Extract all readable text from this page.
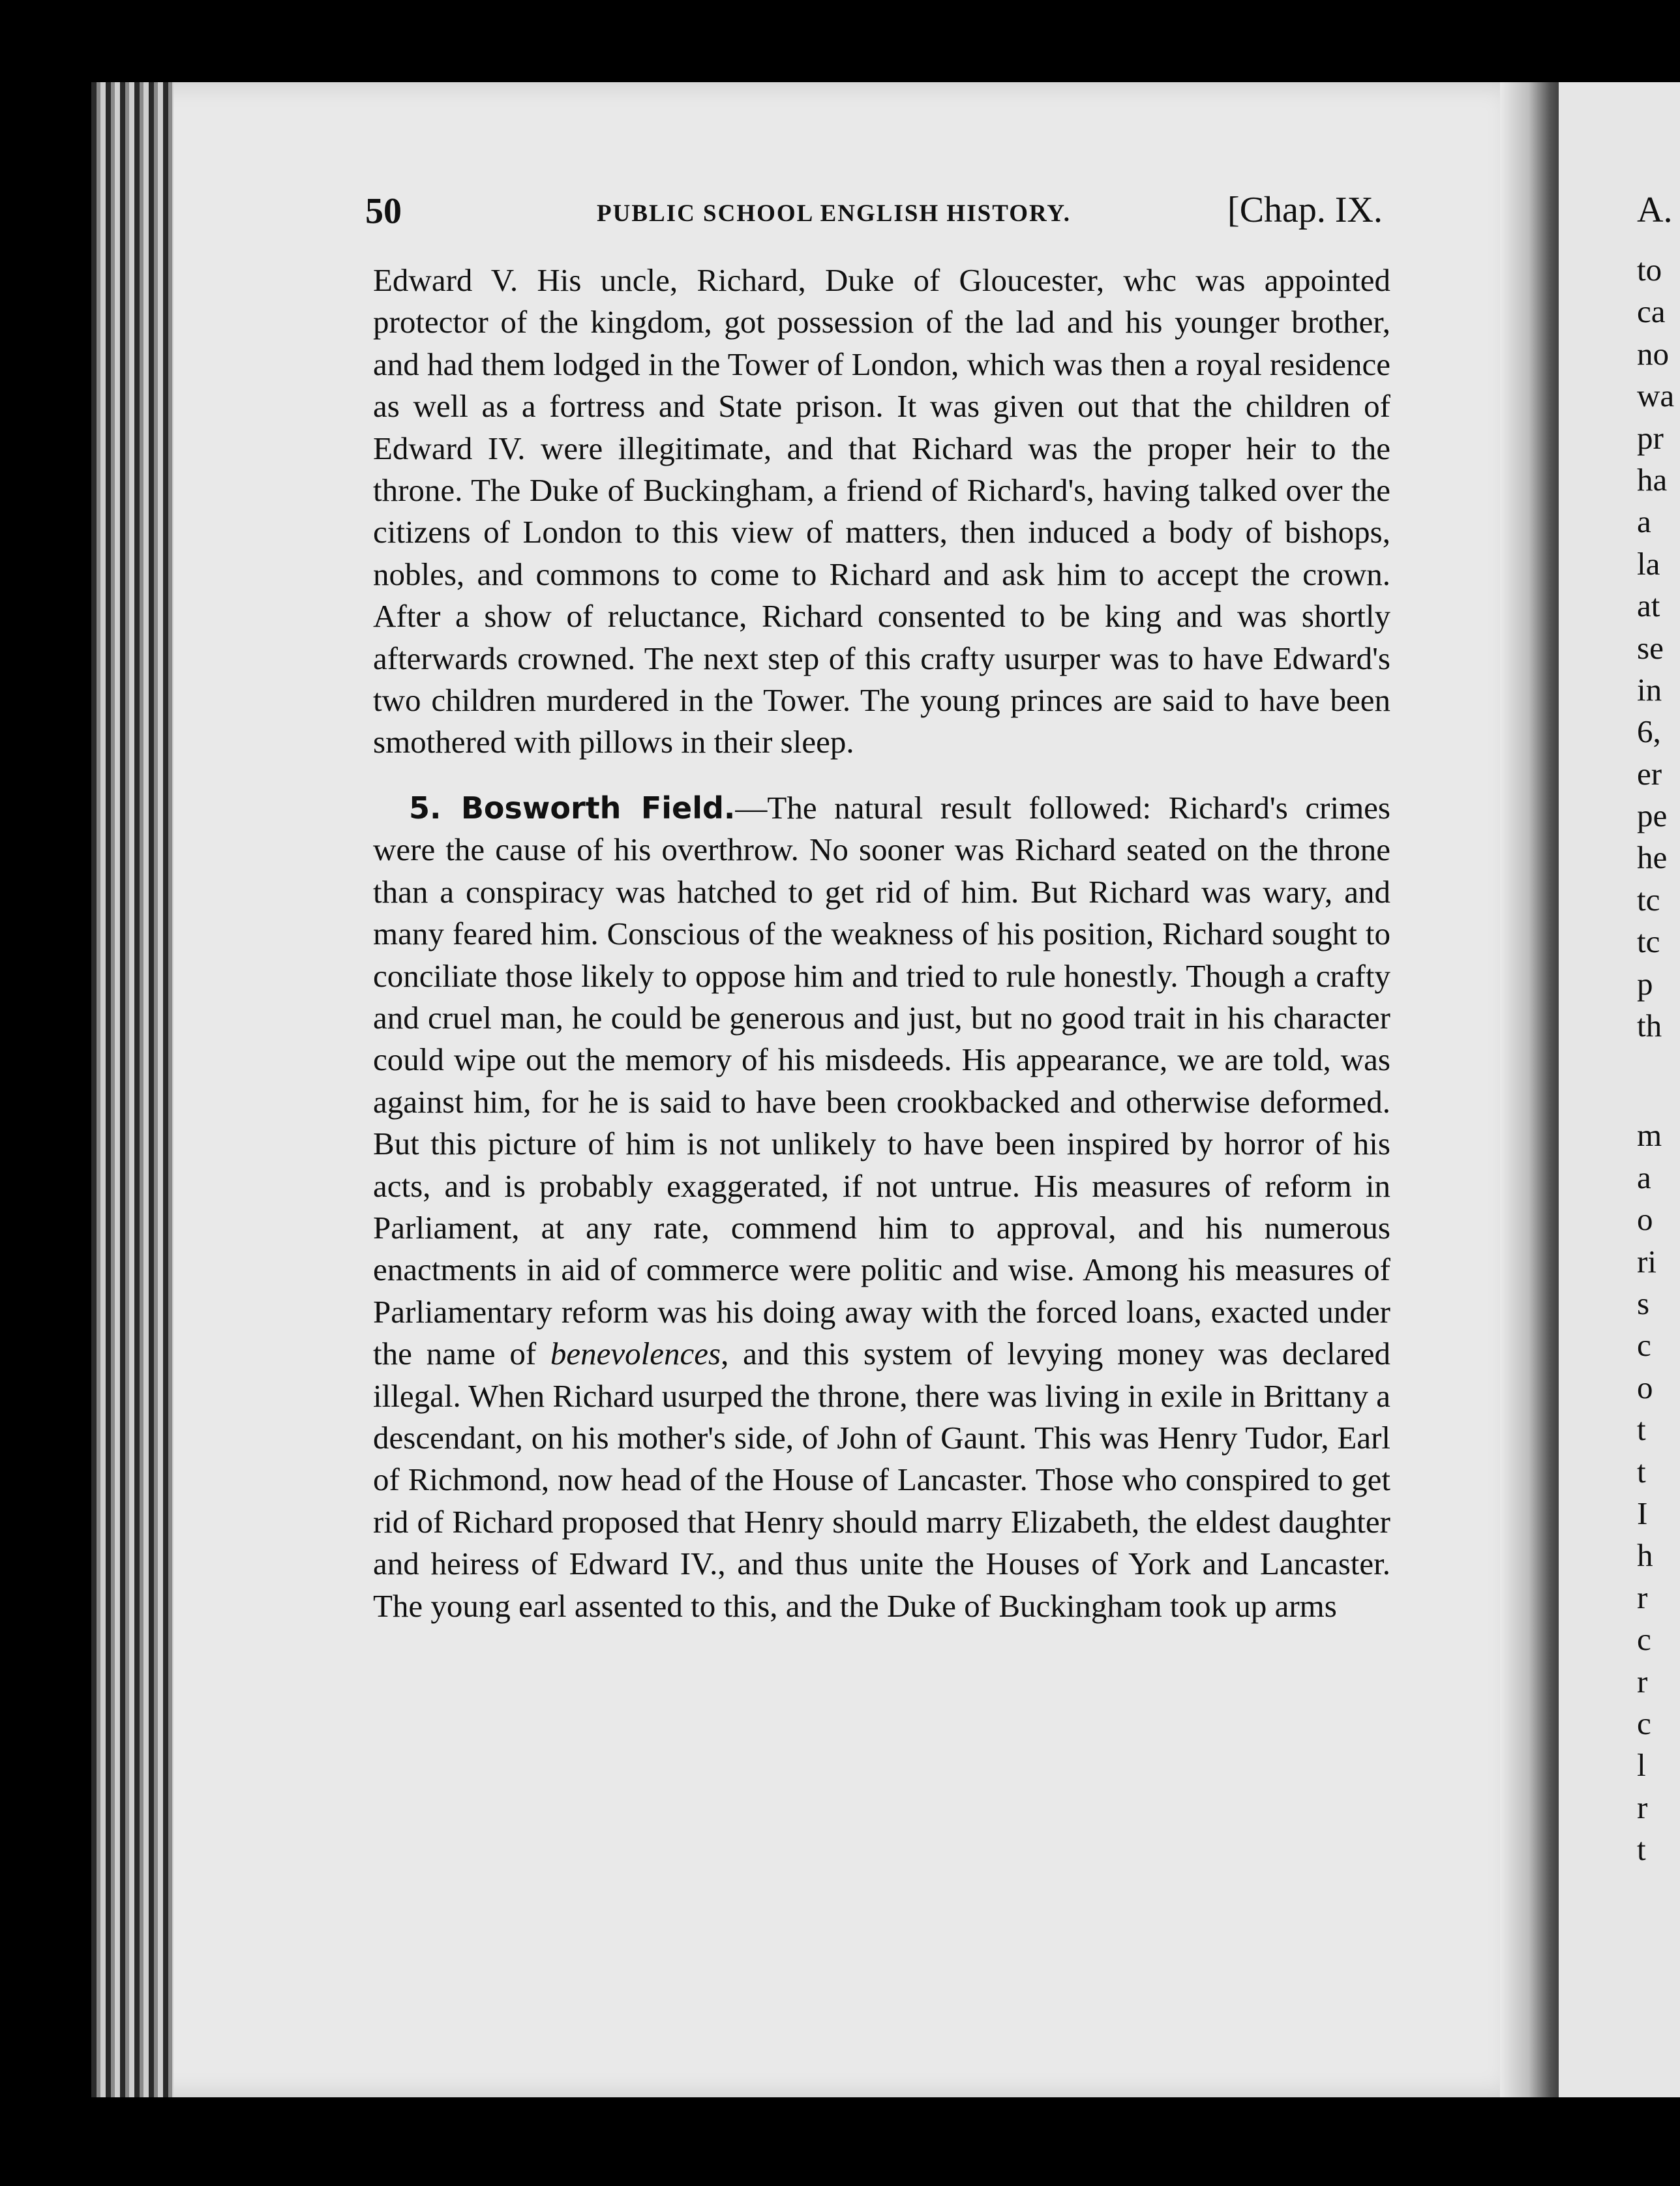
50	PUBLIC SCHOOL ENGLISH HISTORY.	[Chap. IX.

Edward V. His uncle, Richard, Duke of Gloucester, whc was appointed protector of the kingdom, got possession of the lad and his younger brother, and had them lodged in the Tower of London, which was then a royal residence as well as a fortress and State prison. It was given out that the children of Edward IV. were illegitimate, and that Richard was the proper heir to the throne. The Duke of Buckingham, a friend of Richard's, having talked over the citizens of London to this view of matters, then induced a body of bishops, nobles, and commons to come to Richard and ask him to accept the crown. After a show of reluctance, Richard consented to be king and was shortly afterwards crowned. The next step of this crafty usurper was to have Edward's two children murdered in the Tower. The young princes are said to have been smothered with pillows in their sleep.

5. Bosworth Field.—The natural result followed: Richard's crimes were the cause of his overthrow. No sooner was Richard seated on the throne than a conspiracy was hatched to get rid of him. But Richard was wary, and many feared him. Conscious of the weakness of his position, Richard sought to conciliate those likely to oppose him and tried to rule honestly. Though a crafty and cruel man, he could be generous and just, but no good trait in his character could wipe out the memory of his misdeeds. His appearance, we are told, was against him, for he is said to have been crookbacked and otherwise deformed. But this picture of him is not unlikely to have been inspired by horror of his acts, and is probably exaggerated, if not untrue. His measures of reform in Parliament, at any rate, commend him to approval, and his numerous enactments in aid of commerce were politic and wise. Among his measures of Parliamentary reform was his doing away with the forced loans, exacted under the name of benevolences, and this system of levying money was declared illegal. When Richard usurped the throne, there was living in exile in Brittany a descendant, on his mother's side, of John of Gaunt. This was Henry Tudor, Earl of Richmond, now head of the House of Lancaster. Those who conspired to get rid of Richard proposed that Henry should marry Elizabeth, the eldest daughter and heiress of Edward IV., and thus unite the Houses of York and Lancaster. The young earl assented to this, and the Duke of Buckingham took up arms

A.
to
ca
no
wa
pr
ha
a
la
at
se
in
6,
er
pe
he
tc
tc
p
th
m
a
o
ri
s
c
o
t
t
I
h
r
c
r
c
l
r
t
